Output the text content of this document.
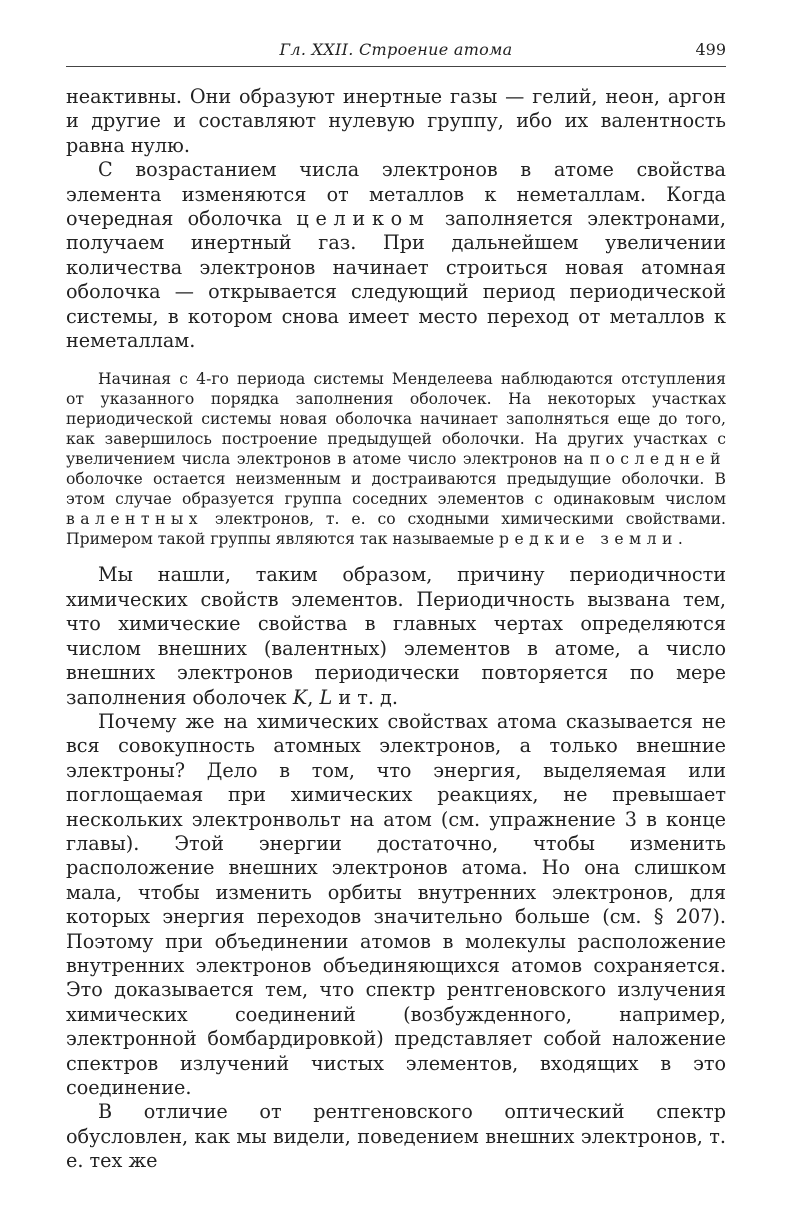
Гл. XXII. Строение атома	499

неактивны. Они образуют инертные газы — гелий, неон, аргон и другие и составляют нулевую группу, ибо их валентность равна нулю.

С возрастанием числа электронов в атоме свойства элемента изменяются от металлов к неметаллам. Когда очередная оболочка целиком заполняется электронами, получаем инертный газ. При дальнейшем увеличении количества электронов начинает строиться новая атомная оболочка — открывается следующий период периодической системы, в котором снова имеет место переход от металлов к неметаллам.

Начиная с 4-го периода системы Менделеева наблюдаются отступления от указанного порядка заполнения оболочек. На некоторых участках периодической системы новая оболочка начинает заполняться еще до того, как завершилось построение предыдущей оболочки. На других участках с увеличением числа электронов в атоме число электронов на последней оболочке остается неизменным и достраиваются предыдущие оболочки. В этом случае образуется группа соседних элементов с одинаковым числом валентных электронов, т. е. со сходными химическими свойствами. Примером такой группы являются так называемые редкие земли.

Мы нашли, таким образом, причину периодичности химических свойств элементов. Периодичность вызвана тем, что химические свойства в главных чертах определяются числом внешних (валентных) элементов в атоме, а число внешних электронов периодически повторяется по мере заполнения оболочек K, L и т. д.

Почему же на химических свойствах атома сказывается не вся совокупность атомных электронов, а только внешние электроны? Дело в том, что энергия, выделяемая или поглощаемая при химических реакциях, не превышает нескольких электронвольт на атом (см. упражнение 3 в конце главы). Этой энергии достаточно, чтобы изменить расположение внешних электронов атома. Но она слишком мала, чтобы изменить орбиты внутренних электронов, для которых энергия переходов значительно больше (см. § 207). Поэтому при объединении атомов в молекулы расположение внутренних электронов объединяющихся атомов сохраняется. Это доказывается тем, что спектр рентгеновского излучения химических соединений (возбужденного, например, электронной бомбардировкой) представляет собой наложение спектров излучений чистых элементов, входящих в это соединение.

В отличие от рентгеновского оптический спектр обусловлен, как мы видели, поведением внешних электронов, т. е. тех же
